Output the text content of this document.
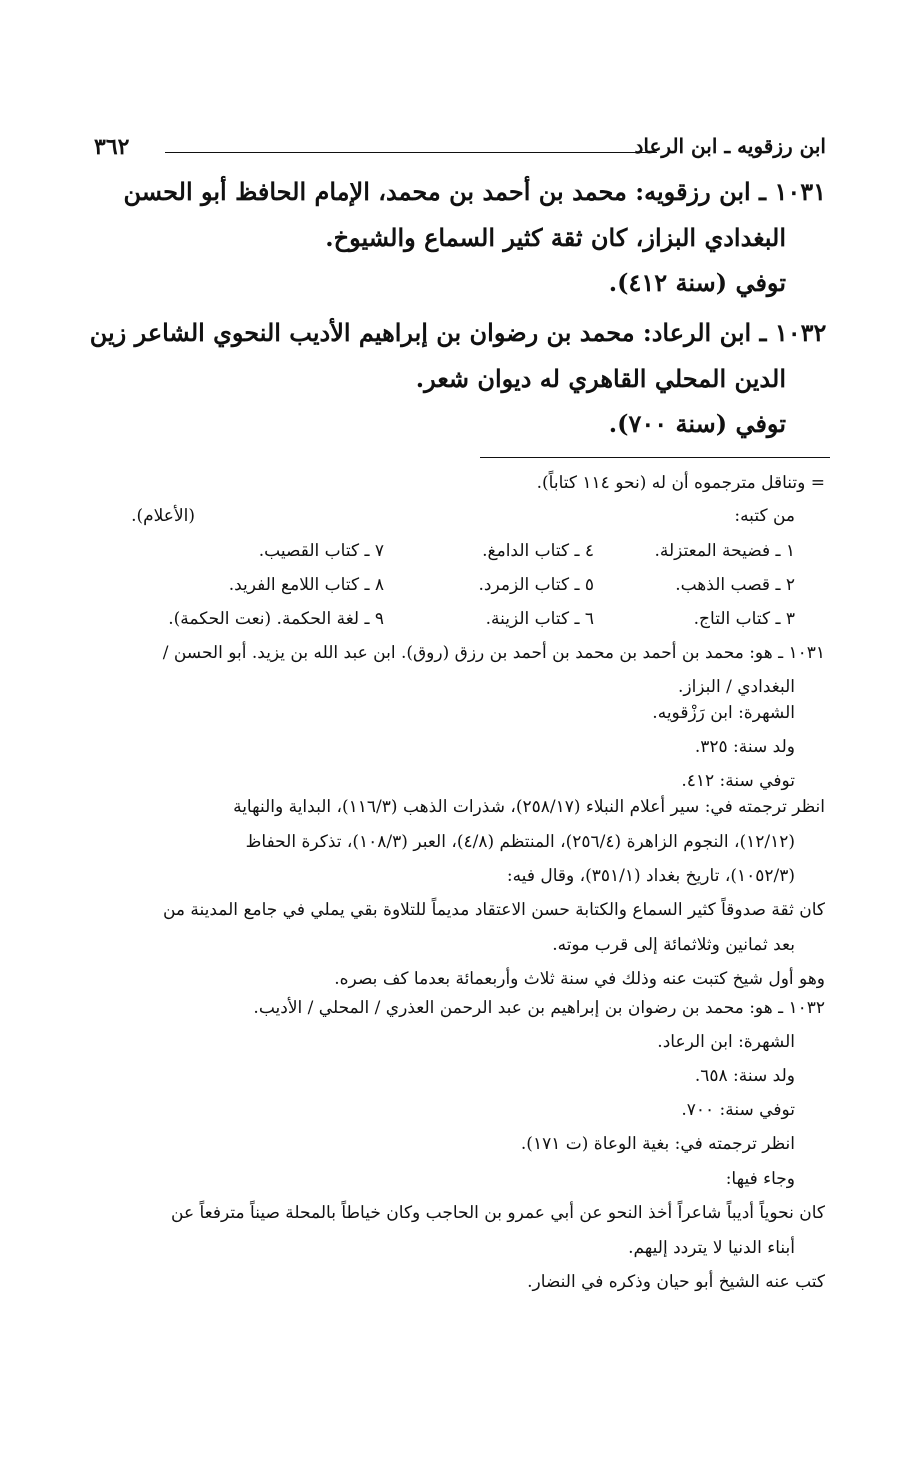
ابن رزقويه ـ ابن الرعاد
٣٦٢
١٠٣١ ـ ابن رزقويه: محمد بن أحمد بن محمد، الإمام الحافظ أبو الحسن
البغدادي البزاز، كان ثقة كثير السماع والشيوخ.
توفي (سنة ٤١٢).
١٠٣٢ ـ ابن الرعاد: محمد بن رضوان بن إبراهيم الأديب النحوي الشاعر زين
الدين المحلي القاهري له ديوان شعر.
توفي (سنة ٧٠٠).
= وتناقل مترجموه أن له (نحو ١١٤ كتاباً).
من كتبه:
(الأعلام).
١ ـ فضيحة المعتزلة.
٢ ـ قصب الذهب.
٣ ـ كتاب التاج.
٤ ـ كتاب الدامغ.
٥ ـ كتاب الزمرد.
٦ ـ كتاب الزينة.
٧ ـ كتاب القصيب.
٨ ـ كتاب اللامع الفريد.
٩ ـ لغة الحكمة. (نعت الحكمة).
١٠٣١ ـ هو: محمد بن أحمد بن محمد بن أحمد بن رزق (روق). ابن عبد الله بن يزيد. أبو الحسن /
البغدادي / البزاز.
الشهرة: ابن رَزْقويه.
ولد سنة: ٣٢٥.
توفي سنة: ٤١٢.
انظر ترجمته في: سير أعلام النبلاء (٢٥٨/١٧)، شذرات الذهب (١١٦/٣)، البداية والنهاية
(١٢/١٢)، النجوم الزاهرة (٢٥٦/٤)، المنتظم (٤/٨)، العبر (١٠٨/٣)، تذكرة الحفاظ
(١٠٥٢/٣)، تاريخ بغداد (٣٥١/١)، وقال فيه:
كان ثقة صدوقاً كثير السماع والكتابة حسن الاعتقاد مديماً للتلاوة بقي يملي في جامع المدينة من
بعد ثمانين وثلاثمائة إلى قرب موته.
وهو أول شيخ كتبت عنه وذلك في سنة ثلاث وأربعمائة بعدما كف بصره.
١٠٣٢ ـ هو: محمد بن رضوان بن إبراهيم بن عبد الرحمن العذري / المحلي / الأديب.
الشهرة: ابن الرعاد.
ولد سنة: ٦٥٨.
توفي سنة: ٧٠٠.
انظر ترجمته في: بغية الوعاة (ت ١٧١).
وجاء فيها:
كان نحوياً أديباً شاعراً أخذ النحو عن أبي عمرو بن الحاجب وكان خياطاً بالمحلة صيناً مترفعاً عن
أبناء الدنيا لا يتردد إليهم.
كتب عنه الشيخ أبو حيان وذكره في النضار.
